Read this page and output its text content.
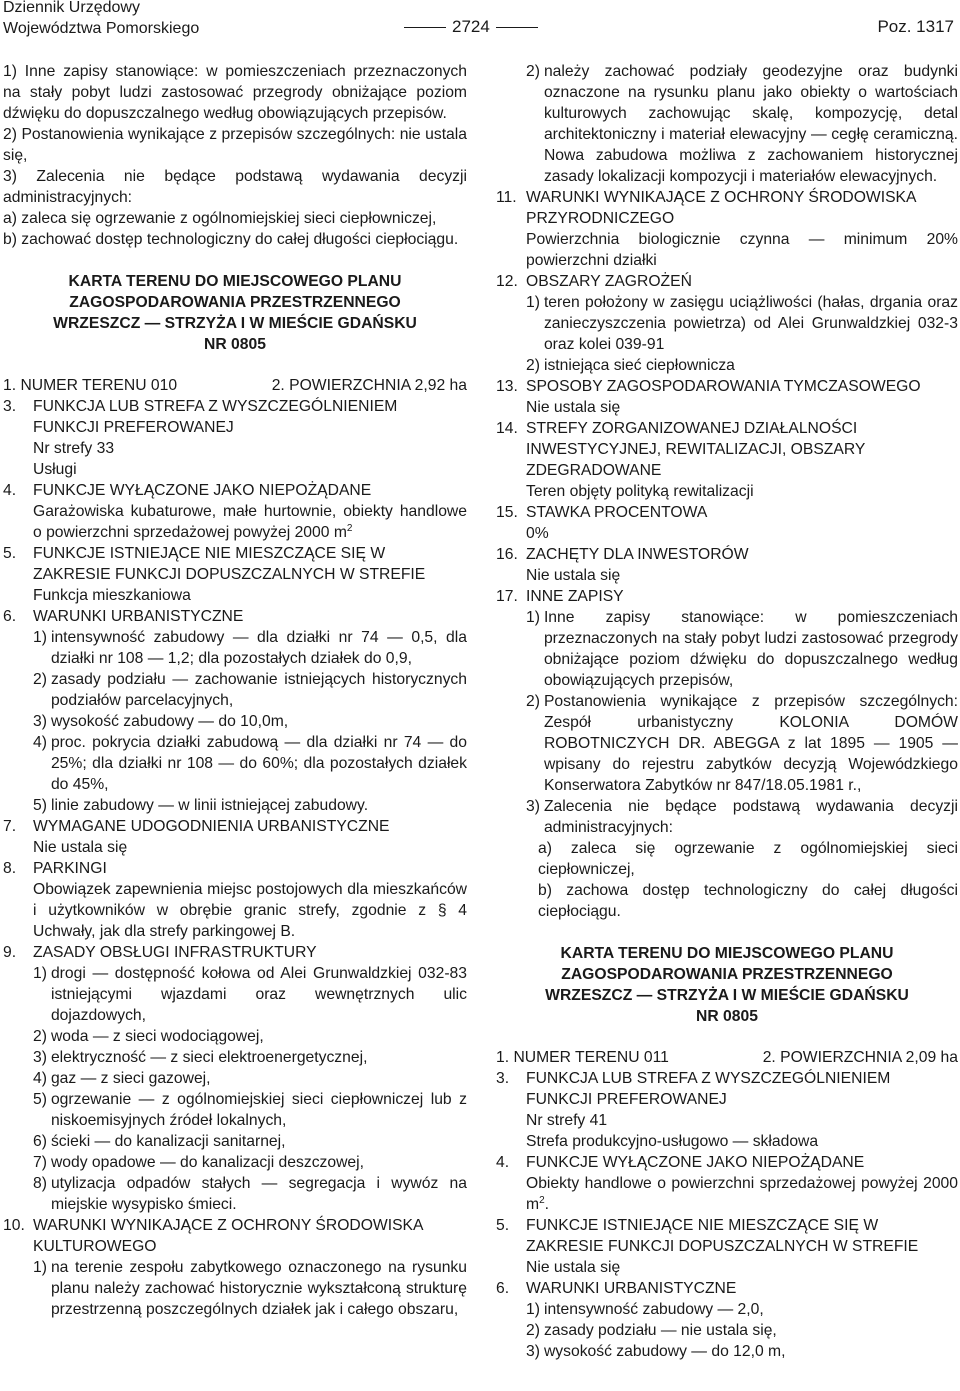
Dziennik Urzędowy
Województwa Pomorskiego	2724	Poz. 1317
1) Inne zapisy stanowiące: w pomieszczeniach przeznaczonych na stały pobyt ludzi zastosować przegrody obniżające poziom dźwięku do dopuszczalnego według obowiązujących przepisów.
2) Postanowienia wynikające z przepisów szczególnych: nie ustala się,
3) Zalecenia nie będące podstawą wydawania decyzji administracyjnych:
a) zaleca się ogrzewanie z ogólnomiejskiej sieci ciepłowniczej,
b) zachować dostęp technologiczny do całej długości ciepłociągu.
KARTA TERENU DO MIEJSCOWEGO PLANU
ZAGOSPODAROWANIA PRZESTRZENNEGO
WRZESZCZ — STRZYŻA I W MIEŚCIE GDAŃSKU
NR 0805
1. NUMER TERENU 010	2. POWIERZCHNIA 2,92 ha
3.	FUNKCJA LUB STREFA Z WYSZCZEGÓLNIENIEM FUNKCJI PREFEROWANEJ
Nr strefy 33
Usługi
4.	FUNKCJE WYŁĄCZONE JAKO NIEPOŻĄDANE
Garażowiska kubaturowe, małe hurtownie, obiekty handlowe o powierzchni sprzedażowej powyżej 2000 $m^2$
5.	FUNKCJE ISTNIEJĄCE NIE MIESZCZĄCE SIĘ W ZAKRESIE FUNKCJI DOPUSZCZALNYCH W STREFIE
Funkcja mieszkaniowa
6.	WARUNKI URBANISTYCZNE
1) intensywność zabudowy — dla działki nr 74 — 0,5, dla działki nr 108 — 1,2; dla pozostałych działek do 0,9,
2) zasady podziału — zachowanie istniejących historycznych podziałów parcelacyjnych,
3) wysokość zabudowy — do 10,0m,
4) proc. pokrycia działki zabudową — dla działki nr 74 — do 25%; dla działki nr 108 — do 60%; dla pozostałych działek do 45%,
5) linie zabudowy — w linii istniejącej zabudowy.
7.	WYMAGANE UDOGODNIENIA URBANISTYCZNE
Nie ustala się
8.	PARKINGI
Obowiązek zapewnienia miejsc postojowych dla mieszkańców i użytkowników w obrębie granic strefy, zgodnie z § 4 Uchwały, jak dla strefy parkingowej B.
9.	ZASADY OBSŁUGI INFRASTRUKTURY
1) drogi — dostępność kołowa od Alei Grunwaldzkiej 032-83 istniejącymi wjazdami oraz wewnętrznych ulic dojazdowych,
2) woda — z sieci wodociągowej,
3) elektryczność — z sieci elektroenergetycznej,
4) gaz — z sieci gazowej,
5) ogrzewanie — z ogólnomiejskiej sieci ciepłowniczej lub z niskoemisyjnych źródeł lokalnych,
6) ścieki — do kanalizacji sanitarnej,
7) wody opadowe — do kanalizacji deszczowej,
8) utylizacja odpadów stałych — segregacja i wywóz na miejskie wysypisko śmieci.
10. WARUNKI WYNIKAJĄCE Z OCHRONY ŚRODOWISKA KULTUROWEGO
1) na terenie zespołu zabytkowego oznaczonego na rysunku planu należy zachować historycznie wykształconą strukturę przestrzenną poszczególnych działek jak i całego obszaru,
2) należy zachować podziały geodezyjne oraz budynki oznaczone na rysunku planu jako obiekty o wartościach kulturowych zachowując skalę, kompozycję, detal architektoniczny i materiał elewacyjny — cegłę ceramiczną. Nowa zabudowa możliwa z zachowaniem historycznej zasady lokalizacji kompozycji i materiałów elewacyjnych.
11. WARUNKI WYNIKAJĄCE Z OCHRONY ŚRODOWISKA PRZYRODNICZEGO
Powierzchnia biologicznie czynna — minimum 20% powierzchni działki
12. OBSZARY ZAGROŻEŃ
1) teren położony w zasięgu uciążliwości (hałas, drgania oraz zanieczyszczenia powietrza) od Alei Grunwaldzkiej 032-3 oraz kolei 039-91
2) istniejąca sieć ciepłownicza
13. SPOSOBY ZAGOSPODAROWANIA TYMCZASOWEGO
Nie ustala się
14. STREFY ZORGANIZOWANEJ DZIAŁALNOŚCI INWESTYCYJNEJ, REWITALIZACJI, OBSZARY ZDEGRADOWANE
Teren objęty polityką rewitalizacji
15. STAWKA PROCENTOWA
0%
16. ZACHĘTY DLA INWESTORÓW
Nie ustala się
17. INNE ZAPISY
1) Inne zapisy stanowiące: w pomieszczeniach przeznaczonych na stały pobyt ludzi zastosować przegrody obniżające poziom dźwięku do dopuszczalnego według obowiązujących przepisów,
2) Postanowienia wynikające z przepisów szczególnych: Zespół urbanistyczny KOLONIA DOMÓW ROBOTNICZYCH DR. ABEGGA z lat 1895 — 1905 — wpisany do rejestru zabytków decyzją Wojewódzkiego Konserwatora Zabytków nr 847/18.05.1981 r.,
3) Zalecenia nie będące podstawą wydawania decyzji administracyjnych:
a) zaleca się ogrzewanie z ogólnomiejskiej sieci ciepłowniczej,
b) zachowa dostęp technologiczny do całej długości ciepłociągu.
KARTA TERENU DO MIEJSCOWEGO PLANU
ZAGOSPODAROWANIA PRZESTRZENNEGO
WRZESZCZ — STRZYŻA I W MIEŚCIE GDAŃSKU
NR 0805
1. NUMER TERENU 011	2. POWIERZCHNIA 2,09 ha
3.	FUNKCJA LUB STREFA Z WYSZCZEGÓLNIENIEM FUNKCJI PREFEROWANEJ
Nr strefy 41
Strefa produkcyjno-usługowo — składowa
4.	FUNKCJE WYŁĄCZONE JAKO NIEPOŻĄDANE
Obiekty handlowe o powierzchni sprzedażowej powyżej 2000 $m^2$.
5.	FUNKCJE ISTNIEJĄCE NIE MIESZCZĄCE SIĘ W ZAKRESIE FUNKCJI DOPUSZCZALNYCH W STREFIE
Nie ustala się
6.	WARUNKI URBANISTYCZNE
1) intensywność zabudowy — 2,0,
2) zasady podziału — nie ustala się,
3) wysokość zabudowy — do 12,0 m,
